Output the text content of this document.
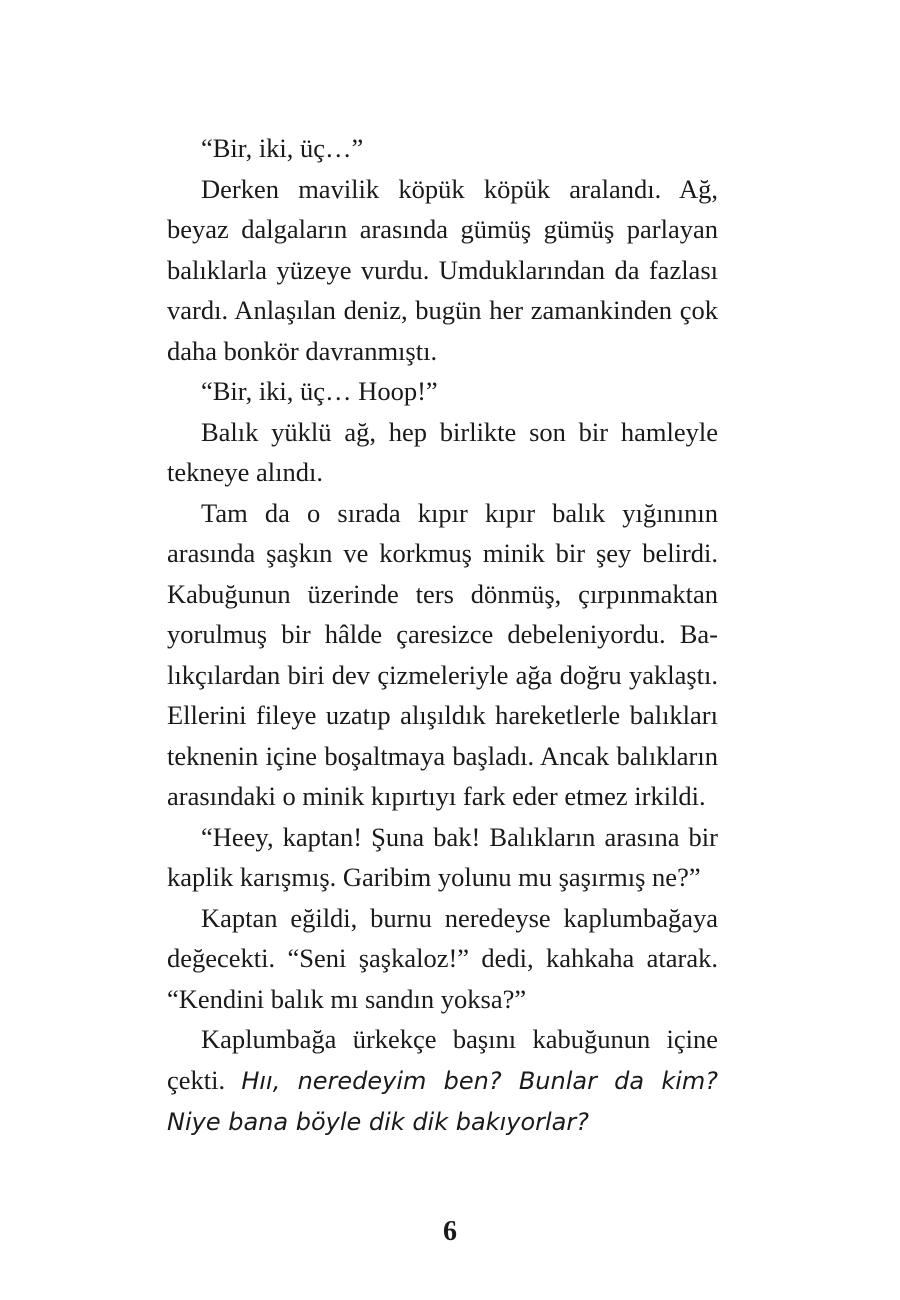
“Bir, iki, üç…”

Derken mavilik köpük köpük aralandı. Ağ, beyaz dalgaların arasında gümüş gümüş parlayan balıklarla yüzeye vurdu. Umduklarından da fazlası vardı. Anlaşılan deniz, bugün her zamankinden çok daha bonkör davranmıştı.

“Bir, iki, üç… Hoop!”

Balık yüklü ağ, hep birlikte son bir hamleyle tekneye alındı.

Tam da o sırada kıpır kıpır balık yığınının arasında şaşkın ve korkmuş minik bir şey belirdi. Kabuğunun üzerinde ters dönmüş, çırpınmaktan yorulmuş bir hâlde çaresizce debeleniyordu. Balıkçılardan biri dev çizmeleriyle ağa doğru yaklaştı. Ellerini fileye uzatıp alışıldık hareketlerle balıkları teknenin içine boşaltmaya başladı. Ancak balıkların arasındaki o minik kıpırtıyı fark eder etmez irkildi.

“Heey, kaptan! Şuna bak! Balıkların arasına bir kaplik karışmış. Garibim yolunu mu şaşırmış ne?”

Kaptan eğildi, burnu neredeyse kaplumbağaya değecekti. “Seni şaşkaloz!” dedi, kahkaha atarak. “Kendini balık mı sandın yoksa?”

Kaplumbağa ürkekçe başını kabuğunun içine çekti. Hıı, neredeyim ben? Bunlar da kim? Niye bana böyle dik dik bakıyorlar?

6
